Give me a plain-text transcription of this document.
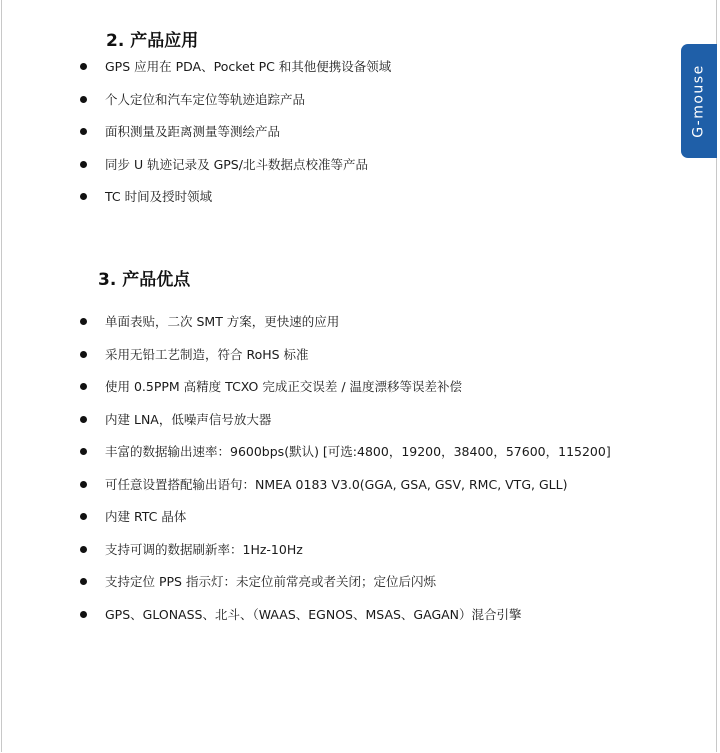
2. 产品应用
GPS 应用在 PDA、Pocket PC 和其他便携设备领域
个人定位和汽车定位等轨迹追踪产品
面积测量及距离测量等测绘产品
同步 U 轨迹记录及 GPS/北斗数据点校准等产品
TC 时间及授时领域
3. 产品优点
单面表贴，二次 SMT 方案，更快速的应用
采用无铅工艺制造，符合 RoHS 标准
使用 0.5PPM 高精度 TCXO 完成正交误差 / 温度漂移等误差补偿
内建 LNA，低噪声信号放大器
丰富的数据输出速率：9600bps(默认) [可选:4800，19200，38400，57600，115200]
可任意设置搭配输出语句：NMEA 0183 V3.0(GGA, GSA, GSV, RMC, VTG, GLL)
内建 RTC 晶体
支持可调的数据刷新率：1Hz-10Hz
支持定位 PPS 指示灯：未定位前常亮或者关闭；定位后闪烁
GPS、GLONASS、北斗、（WAAS、EGNOS、MSAS、GAGAN）混合引擎
G-mouse
